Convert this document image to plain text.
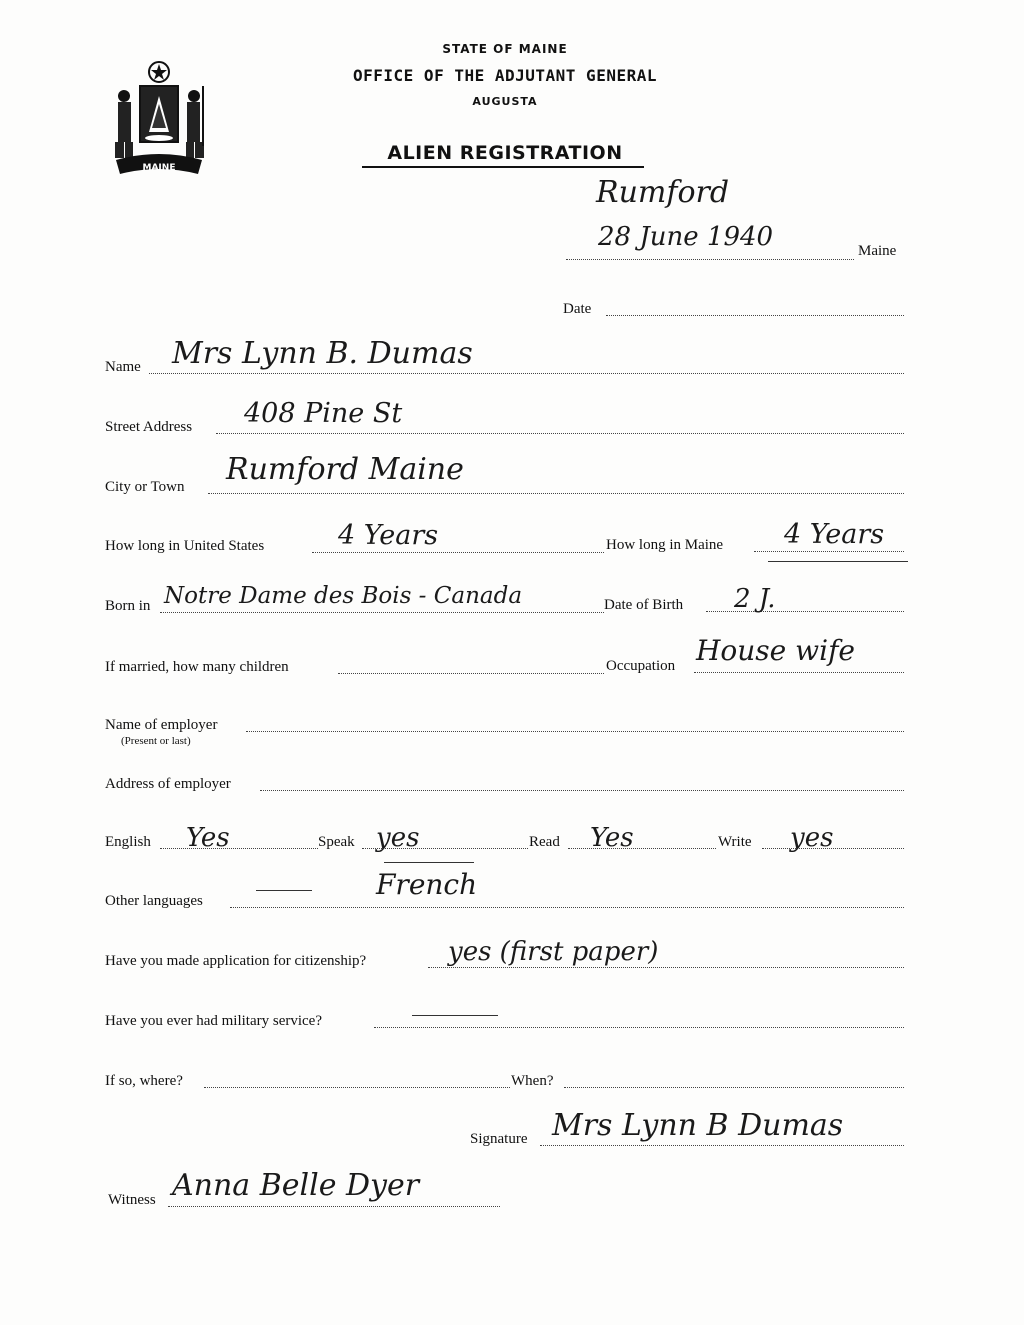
MAINE
STATE OF MAINE
OFFICE OF THE ADJUTANT GENERAL
AUGUSTA
ALIEN REGISTRATION
Rumford
28 June 1940	Maine
Date
Name Mrs Lynn B. Dumas
Street Address 408 Pine St
City or Town Rumford Maine
How long in United States	4 Years	How long in Maine 4 Years
Born in Notre Dame des Bois - Canada	Date of Birth 2 J.
If married, how many children	Occupation House wife
Name of employer
(Present or last)
Address of employer
English Yes	Speak yes	Read Yes	Write yes
Other languages	French
Have you made application for citizenship?	yes (first paper)
Have you ever had military service?
If so, where?	When?
Signature Mrs Lynn B Dumas
Witness Anna Belle Dyer
